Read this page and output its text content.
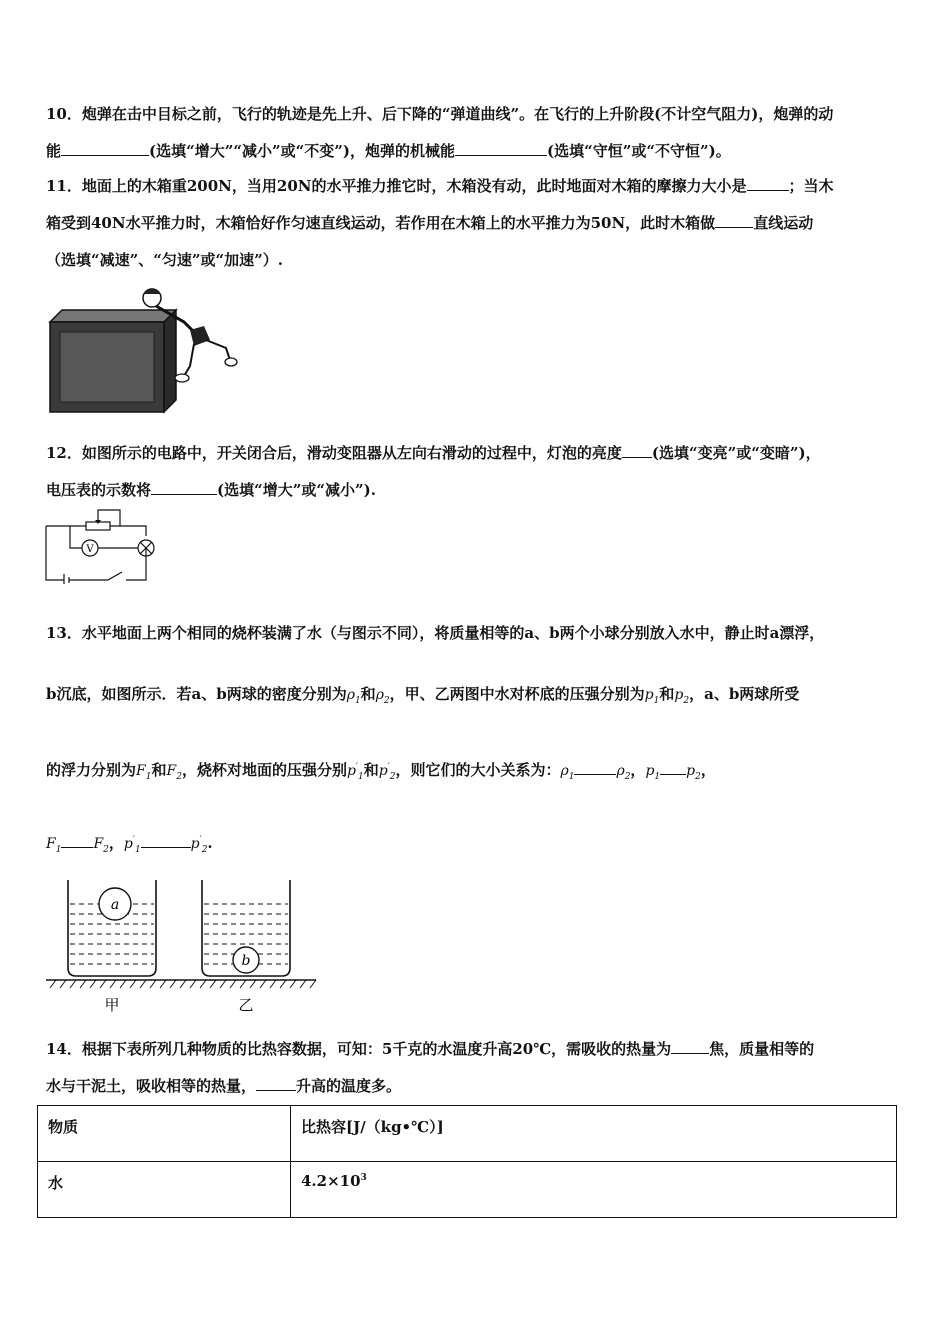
10．炮弹在击中目标之前，飞行的轨迹是先上升、后下降的“弹道曲线”。在飞行的上升阶段(不计空气阻力)，炮弹的动
能	(选填“增大”“减小”或“不变”)，炮弹的机械能	(选填“守恒”或“不守恒”)。
11．地面上的木箱重200N，当用20N的水平推力推它时，木箱没有动，此时地面对木箱的摩擦力大小是	；当木
箱受到40N水平推力时，木箱恰好作匀速直线运动，若作用在木箱上的水平推力为50N，此时木箱做	直线运动
（选填“减速”、“匀速”或“加速”）.
12．如图所示的电路中，开关闭合后，滑动变阻器从左向右滑动的过程中，灯泡的亮度 (选填“变亮”或“变暗”)，
电压表的示数将	(选填“增大”或“减小”).
V
13．水平地面上两个相同的烧杯装满了水（与图示不同），将质量相等的a、b两个小球分别放入水中，静止时a漂浮，
b沉底，如图所示．若a、b两球的密度分别为$\rho_1$和$\rho_2$，甲、乙两图中水对杯底的压强分别为$p_1$和$p_2$，a、b两球所受
的浮力分别为$F_1$和$F_2$，烧杯对地面的压强分别$p'_1$和$p'_2$，则它们的大小关系为：$\rho_1$	$\rho_2$，$p_1$ $p_2$，
$F_1$ $F_2$，$p'_1$	$p'_2$.
a
b
甲	乙
14．根据下表所列几种物质的比热容数据，可知：5千克的水温度升高20℃，需吸收的热量为	焦，质量相等的
水与干泥土，吸收相等的热量，	升高的温度多。
物质	比热容[J/（kg•℃）]
水	$4.2\times 10^3$
